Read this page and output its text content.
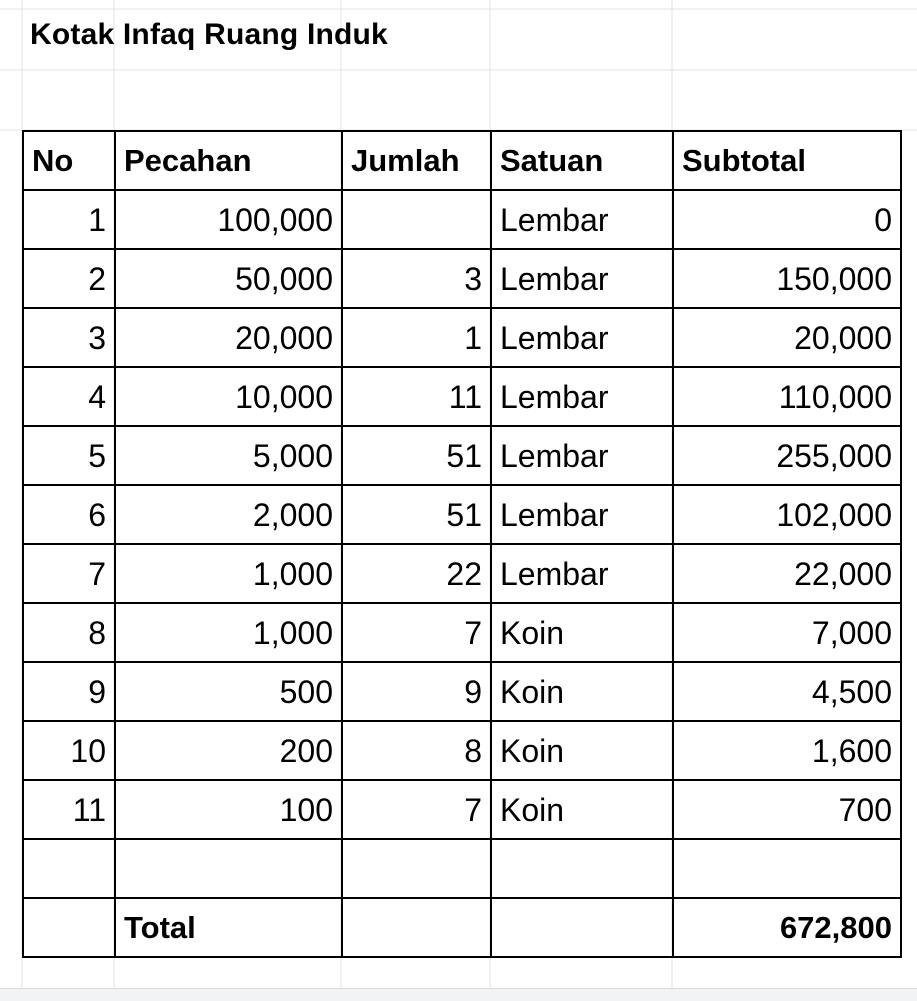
Kotak Infaq Ruang Induk
No	Pecahan	Jumlah	Satuan	Subtotal
1	100,000		Lembar	0
2	50,000	3	Lembar	150,000
3	20,000	1	Lembar	20,000
4	10,000	11	Lembar	110,000
5	5,000	51	Lembar	255,000
6	2,000	51	Lembar	102,000
7	1,000	22	Lembar	22,000
8	1,000	7	Koin	7,000
9	500	9	Koin	4,500
10	200	8	Koin	1,600
11	100	7	Koin	700

	Total			672,800
